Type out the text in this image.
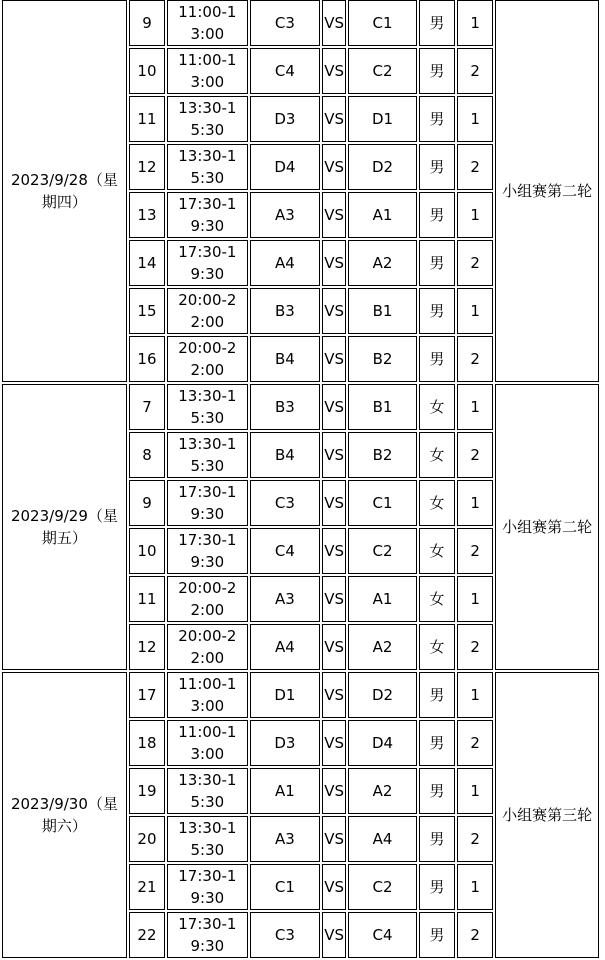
2023/9/28（星期四）	9	11:00-13:00	C3	VS	C1	男	1	小组赛第二轮
	10	11:00-13:00	C4	VS	C2	男	2	
	11	13:30-15:30	D3	VS	D1	男	1	
	12	13:30-15:30	D4	VS	D2	男	2	
	13	17:30-19:30	A3	VS	A1	男	1	
	14	17:30-19:30	A4	VS	A2	男	2	
	15	20:00-22:00	B3	VS	B1	男	1	
	16	20:00-22:00	B4	VS	B2	男	2	
2023/9/29（星期五）	7	13:30-15:30	B3	VS	B1	女	1	小组赛第二轮
	8	13:30-15:30	B4	VS	B2	女	2	
	9	17:30-19:30	C3	VS	C1	女	1	
	10	17:30-19:30	C4	VS	C2	女	2	
	11	20:00-22:00	A3	VS	A1	女	1	
	12	20:00-22:00	A4	VS	A2	女	2	
2023/9/30（星期六）	17	11:00-13:00	D1	VS	D2	男	1	小组赛第三轮
	18	11:00-13:00	D3	VS	D4	男	2	
	19	13:30-15:30	A1	VS	A2	男	1	
	20	13:30-15:30	A3	VS	A4	男	2	
	21	17:30-19:30	C1	VS	C2	男	1	
	22	17:30-19:30	C3	VS	C4	男	2	
